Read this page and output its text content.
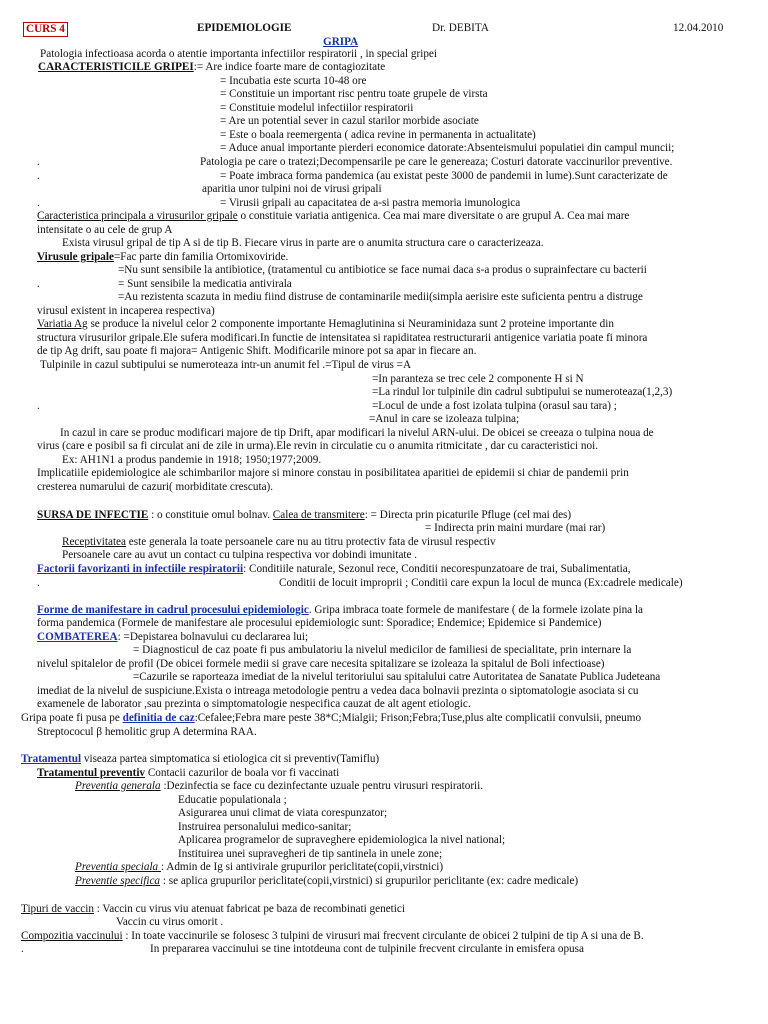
CURS 4	EPIDEMIOLOGIE	Dr. DEBITA	12.04.2010
GRIPA
Patologia infectioasa acorda o atentie importanta infectiilor respiratorii , in special gripei
CARACTERISTICILE GRIPEI:= Are indice foarte mare de contagiozitate
= Incubatia este scurta 10-48 ore
= Constituie un important risc pentru toate grupele de virsta
= Constituie modelul infectiilor respiratorii
= Are un potential sever in cazul starilor morbide asociate
= Este o boala reemergenta ( adica revine in permanenta in actualitate)
= Aduce anual importante pierderi economice datorate:Absenteismului populatiei din campul muncii;
.	Patologia pe care o tratezi;Decompensarile pe care le genereaza; Costuri datorate vaccinurilor preventive.
.	= Poate imbraca forma pandemica (au existat peste 3000 de pandemii in lume).Sunt caracterizate de
aparitia unor tulpini noi de virusi gripali
.	= Virusii gripali au capacitatea de a-si pastra memoria imunologica
Caracteristica principala a virusurilor gripale o constituie variatia antigenica. Cea mai mare diversitate o are grupul A. Cea mai mare
intensitate o au cele de grup A
Exista virusul gripal de tip A si de tip B. Fiecare virus in parte are o anumita structura care o caracterizeaza.
Virusule gripale=Fac parte din familia Ortomixoviride.
=Nu sunt sensibile la antibiotice, (tratamentul cu antibiotice se face numai daca s-a produs o suprainfectare cu bacterii
.	= Sunt sensibile la medicatia antivirala
=Au rezistenta scazuta in mediu fiind distruse de contaminarile medii(simpla aerisire este suficienta pentru a distruge
virusul existent in incaperea respectiva)
Variatia Ag se produce la nivelul celor 2 componente importante Hemaglutinina si Neuraminidaza sunt 2 proteine importante din
structura virusurilor gripale.Ele sufera modificari.In functie de intensitatea si rapiditatea restructurarii antigenice variatia poate fi minora
de tip Ag drift, sau poate fi majora= Antigenic Shift. Modificarile minore pot sa apar in fiecare an.
Tulpinile in cazul subtipului se numeroteaza intr-un anumit fel .=Tipul de virus =A
=In paranteza se trec cele 2 componente H si N
=La rindul lor tulpinile din cadrul subtipului se numeroteaza(1,2,3)
.	=Locul de unde a fost izolata tulpina (orasul sau tara) ;
=Anul in care se izoleaza tulpina;
In cazul in care se produc modificari majore de tip Drift, apar modificari la nivelul ARN-ului. De obicei se creeaza o tulpina noua de
virus (care e posibil sa fi circulat ani de zile in urma).Ele revin in circulatie cu o anumita ritmicitate , dar cu caracteristici noi.
Ex: AH1N1 a produs pandemie in 1918; 1950;1977;2009.
Implicatiile epidemiologice ale schimbarilor majore si minore constau in posibilitatea aparitiei de epidemii si chiar de pandemii prin
cresterea numarului de cazuri( morbiditate crescuta).
SURSA DE INFECTIE : o constituie omul bolnav. Calea de transmitere: = Directa prin picaturile Pfluge (cel mai des)
= Indirecta prin maini murdare (mai rar)
Receptivitatea este generala la toate persoanele care nu au titru protectiv fata de virusul respectiv
Persoanele care au avut un contact cu tulpina respectiva vor dobindi imunitate .
Factorii favorizanti in infectiile respiratorii: Conditiile naturale, Sezonul rece, Conditii necorespunzatoare de trai, Subalimentatia,
.	Conditii de locuit improprii ; Conditii care expun la locul de munca (Ex:cadrele medicale)
Forme de manifestare in cadrul procesului epidemiologic. Gripa imbraca toate formele de manifestare ( de la formele izolate pina la
forma pandemica (Formele de manifestare ale procesului epidemiologic sunt: Sporadice; Endemice; Epidemice si Pandemice)
COMBATEREA: =Depistarea bolnavului cu declararea lui;
= Diagnosticul de caz poate fi pus ambulatoriu la nivelul medicilor de familiesi de specialitate, prin internare la
nivelul spitalelor de profil (De obicei formele medii si grave care necesita spitalizare se izoleaza la spitalul de Boli infectioase)
=Cazurile se raporteaza imediat de la nivelul teritoriului sau spitalului catre Autoritatea de Sanatate Publica Judeteana
imediat de la nivelul de suspiciune.Exista o intreaga metodologie pentru a vedea daca bolnavii prezinta o siptomatologie asociata si cu
examenele de laborator ,sau prezinta o simptomatologie nespecifica cauzat de alt agent etiologic.
Gripa poate fi pusa pe definitia de caz:Cefalee;Febra mare peste 38*C;Mialgii; Frison;Febra;Tuse,plus alte complicatii convulsii, pneumo
Streptococul β hemolitic grup A determina RAA.
Tratamentul viseaza partea simptomatica si etiologica cit si preventiv(Tamiflu)
Tratamentul preventiv Contacii cazurilor de boala vor fi vaccinati
Preventia generala :Dezinfectia se face cu dezinfectante uzuale pentru virusuri respiratorii.
Educatie populationala ;
Asigurarea unui climat de viata corespunzator;
Instruirea personalului medico-sanitar;
Aplicarea programelor de supraveghere epidemiologica la nivel national;
Instituirea unei supravegheri de tip santinela in unele zone;
Preventia speciala : Admin de Ig si antivirale grupurilor periclitate(copii,virstnici)
Preventie specifica : se aplica grupurilor periclitate(copii,virstnici) si grupurilor periclitante (ex: cadre medicale)
Tipuri de vaccin : Vaccin cu virus viu atenuat fabricat pe baza de recombinati genetici
Vaccin cu virus omorit .
Compozitia vaccinului : In toate vaccinurile se folosesc 3 tulpini de virusuri mai frecvent circulante de obicei 2 tulpini de tip A si una de B.
.	In prepararea vaccinului se tine intotdeuna cont de tulpinile frecvent circulante in emisfera opusa
